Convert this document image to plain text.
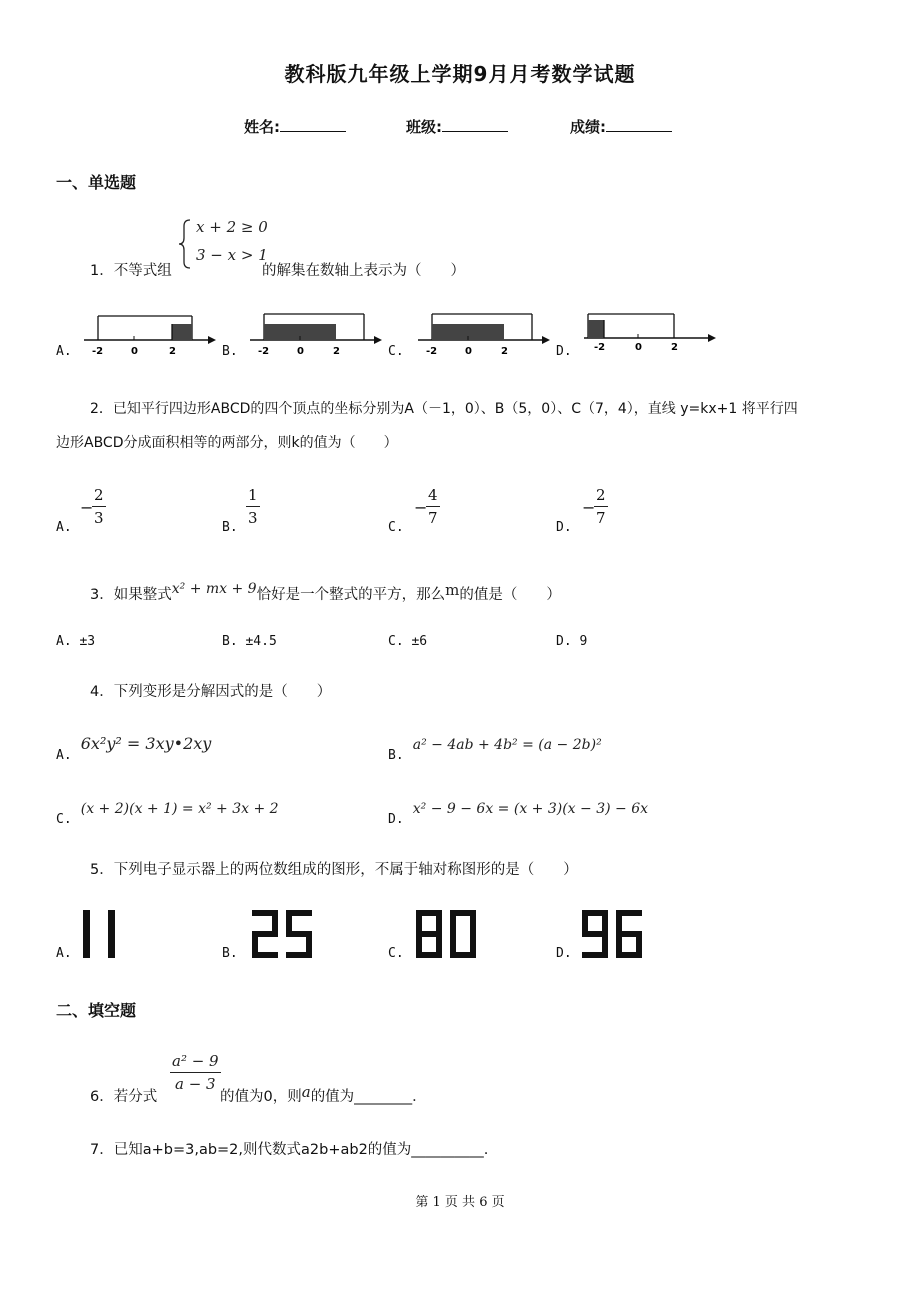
教科版九年级上学期9月月考数学试题
姓名:	班级:	成绩:
一、单选题
x + 2 ≥ 0
3 − x > 1
1．不等式组	的解集在数轴上表示为（　　）
A.	B.	C.	D.
-2	0	2	-2	0	2	-2	0	2	-2	0	2
2．已知平行四边形ABCD的四个顶点的坐标分别为A（－1，0）、B（5，0）、C（7，4），直线 y=kx+1 将平行四
边形ABCD分成面积相等的两部分，则k的值为（　　）
A.
−
$\frac{2}{3}$
B.
$\frac{1}{3}$
C.
−
$\frac{4}{7}$
D.
−
$\frac{2}{7}$
3．如果整式x² + mx + 9恰好是一个整式的平方，那么m的值是（　　）
A. ±3	B. ±4.5	C. ±6	D. 9
4．下列变形是分解因式的是（　　）
$_{A.}$ 6x²y² = 3xy•2xy
$_{B.}$ a² − 4ab + 4b² = (a − 2b)²
$_{C.}$ (x + 2)(x + 1) = x² + 3x + 2
$_{D.}$ x² − 9 − 6x = (x + 3)(x − 3) − 6x
5．下列电子显示器上的两位数组成的图形，不属于轴对称图形的是（　　）
A.	B.	C.	D.
11	25	80	96
二、填空题
6．若分式
$\frac{\text{a² − 9}}{a - 3}$
的值为0，则a的值为________．
7．已知a+b=3,ab=2,则代数式a2b+ab2的值为__________.
第 1 页 共 6 页
